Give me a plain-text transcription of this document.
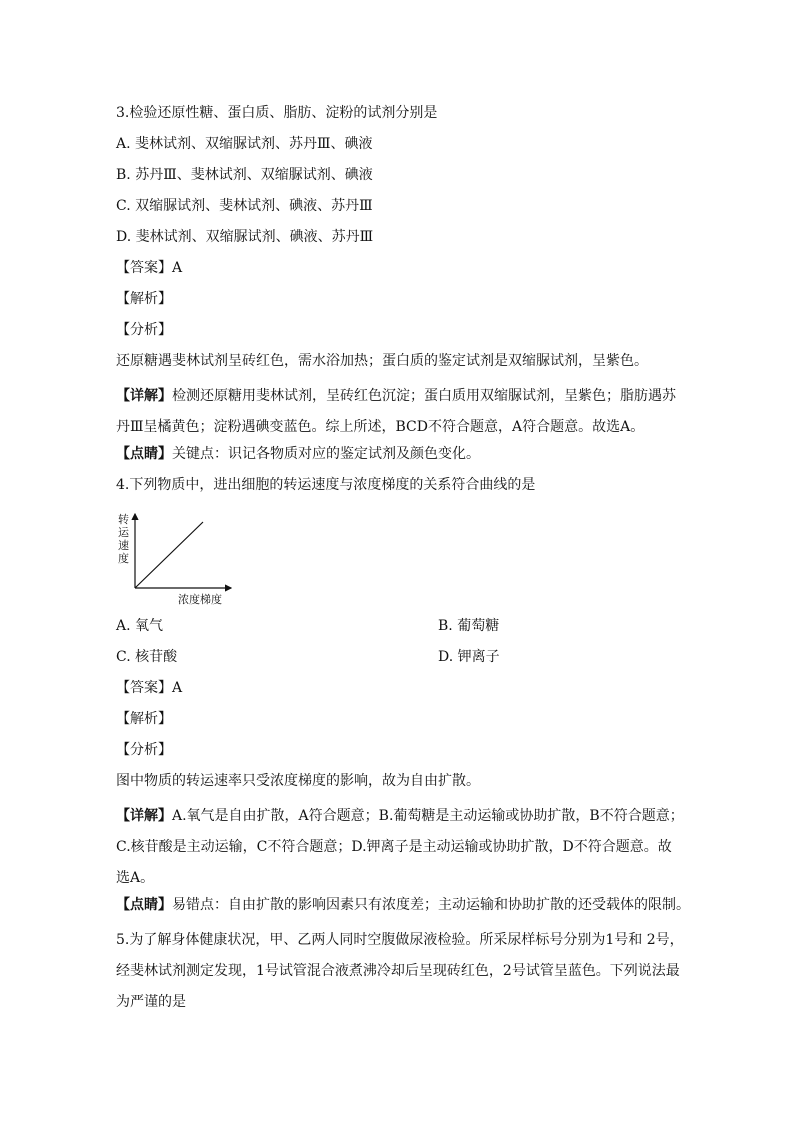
3.检验还原性糖、蛋白质、脂肪、淀粉的试剂分别是
A. 斐林试剂、双缩脲试剂、苏丹Ⅲ、碘液
B. 苏丹Ⅲ、斐林试剂、双缩脲试剂、碘液
C. 双缩脲试剂、斐林试剂、碘液、苏丹Ⅲ
D. 斐林试剂、双缩脲试剂、碘液、苏丹Ⅲ
【答案】A
【解析】
【分析】
还原糖遇斐林试剂呈砖红色，需水浴加热；蛋白质的鉴定试剂是双缩脲试剂，呈紫色。
【详解】检测还原糖用斐林试剂，呈砖红色沉淀；蛋白质用双缩脲试剂，呈紫色；脂肪遇苏丹Ⅲ呈橘黄色；淀粉遇碘变蓝色。综上所述，BCD不符合题意，A符合题意。故选A。
【点睛】关键点：识记各物质对应的鉴定试剂及颜色变化。
4.下列物质中，进出细胞的转运速度与浓度梯度的关系符合曲线的是
转运速度
浓度梯度
A. 氧气	B. 葡萄糖
C. 核苷酸	D. 钾离子
【答案】A
【解析】
【分析】
图中物质的转运速率只受浓度梯度的影响，故为自由扩散。
【详解】A.氧气是自由扩散，A符合题意；B.葡萄糖是主动运输或协助扩散，B不符合题意；C.核苷酸是主动运输，C不符合题意；D.钾离子是主动运输或协助扩散，D不符合题意。故选A。
【点睛】易错点：自由扩散的影响因素只有浓度差；主动运输和协助扩散的还受载体的限制。
5.为了解身体健康状况，甲、乙两人同时空腹做尿液检验。所采尿样标号分别为1号和 2号，经斐林试剂测定发现，1号试管混合液煮沸冷却后呈现砖红色，2号试管呈蓝色。下列说法最为严谨的是
